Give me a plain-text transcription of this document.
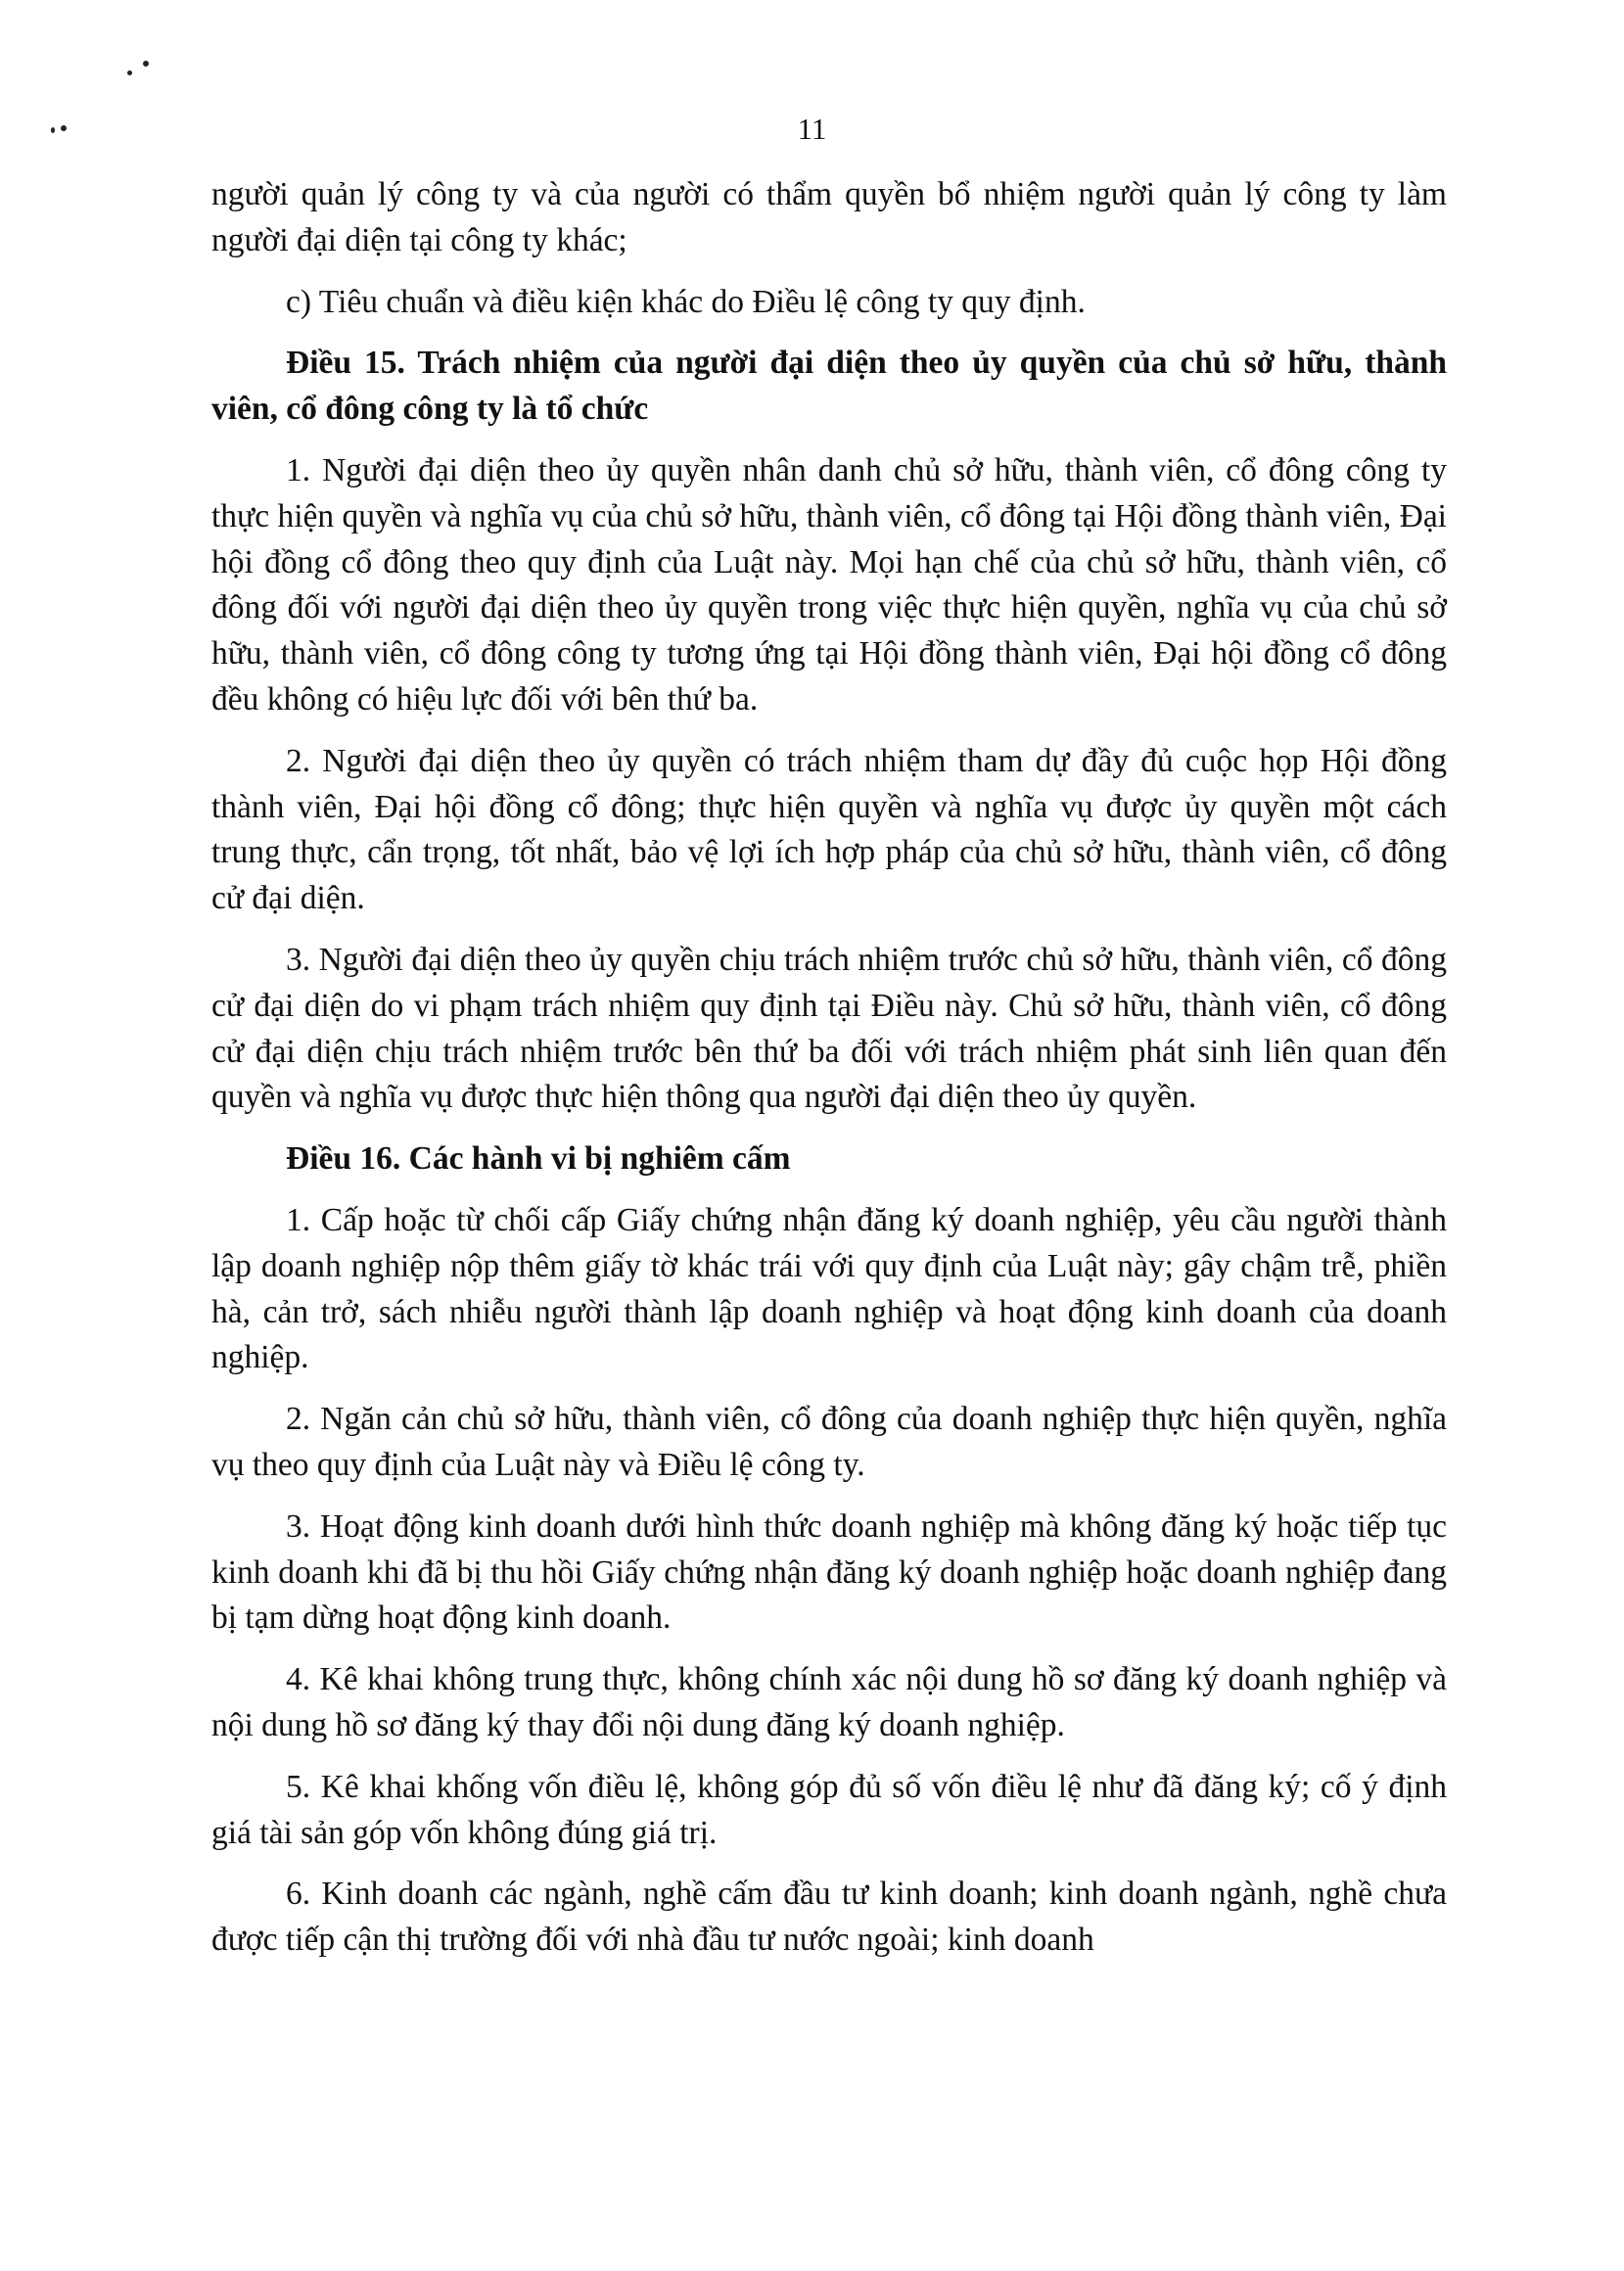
11

người quản lý công ty và của người có thẩm quyền bổ nhiệm người quản lý công ty làm người đại diện tại công ty khác;

c) Tiêu chuẩn và điều kiện khác do Điều lệ công ty quy định.

Điều 15. Trách nhiệm của người đại diện theo ủy quyền của chủ sở hữu, thành viên, cổ đông công ty là tổ chức

1. Người đại diện theo ủy quyền nhân danh chủ sở hữu, thành viên, cổ đông công ty thực hiện quyền và nghĩa vụ của chủ sở hữu, thành viên, cổ đông tại Hội đồng thành viên, Đại hội đồng cổ đông theo quy định của Luật này. Mọi hạn chế của chủ sở hữu, thành viên, cổ đông đối với người đại diện theo ủy quyền trong việc thực hiện quyền, nghĩa vụ của chủ sở hữu, thành viên, cổ đông công ty tương ứng tại Hội đồng thành viên, Đại hội đồng cổ đông đều không có hiệu lực đối với bên thứ ba.

2. Người đại diện theo ủy quyền có trách nhiệm tham dự đầy đủ cuộc họp Hội đồng thành viên, Đại hội đồng cổ đông; thực hiện quyền và nghĩa vụ được ủy quyền một cách trung thực, cẩn trọng, tốt nhất, bảo vệ lợi ích hợp pháp của chủ sở hữu, thành viên, cổ đông cử đại diện.

3. Người đại diện theo ủy quyền chịu trách nhiệm trước chủ sở hữu, thành viên, cổ đông cử đại diện do vi phạm trách nhiệm quy định tại Điều này. Chủ sở hữu, thành viên, cổ đông cử đại diện chịu trách nhiệm trước bên thứ ba đối với trách nhiệm phát sinh liên quan đến quyền và nghĩa vụ được thực hiện thông qua người đại diện theo ủy quyền.

Điều 16. Các hành vi bị nghiêm cấm

1. Cấp hoặc từ chối cấp Giấy chứng nhận đăng ký doanh nghiệp, yêu cầu người thành lập doanh nghiệp nộp thêm giấy tờ khác trái với quy định của Luật này; gây chậm trễ, phiền hà, cản trở, sách nhiễu người thành lập doanh nghiệp và hoạt động kinh doanh của doanh nghiệp.

2. Ngăn cản chủ sở hữu, thành viên, cổ đông của doanh nghiệp thực hiện quyền, nghĩa vụ theo quy định của Luật này và Điều lệ công ty.

3. Hoạt động kinh doanh dưới hình thức doanh nghiệp mà không đăng ký hoặc tiếp tục kinh doanh khi đã bị thu hồi Giấy chứng nhận đăng ký doanh nghiệp hoặc doanh nghiệp đang bị tạm dừng hoạt động kinh doanh.

4. Kê khai không trung thực, không chính xác nội dung hồ sơ đăng ký doanh nghiệp và nội dung hồ sơ đăng ký thay đổi nội dung đăng ký doanh nghiệp.

5. Kê khai khống vốn điều lệ, không góp đủ số vốn điều lệ như đã đăng ký; cố ý định giá tài sản góp vốn không đúng giá trị.

6. Kinh doanh các ngành, nghề cấm đầu tư kinh doanh; kinh doanh ngành, nghề chưa được tiếp cận thị trường đối với nhà đầu tư nước ngoài; kinh doanh
